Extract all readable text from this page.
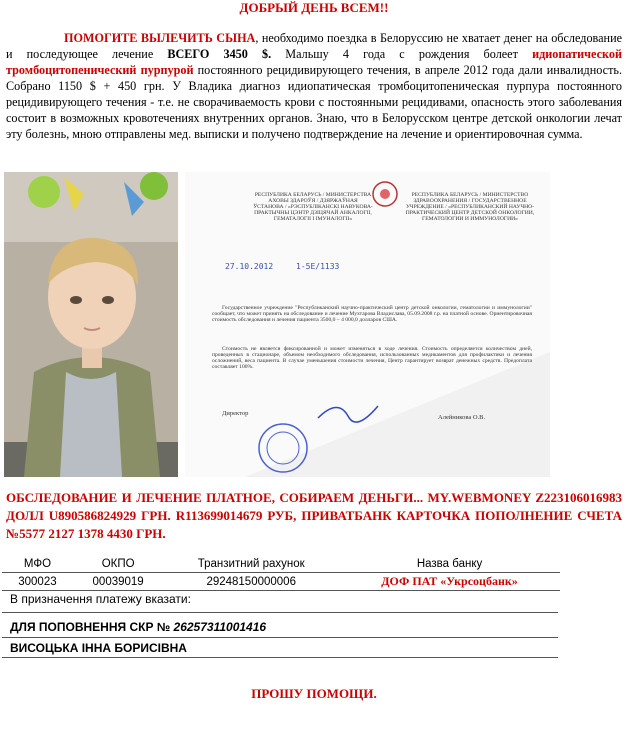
ДОБРЫЙ ДЕНЬ ВСЕМ!!
ПОМОГИТЕ ВЫЛЕЧИТЬ СЫНА, необходимо поездка в Белоруссию не хватает денег на обследование и последующее лечение ВСЕГО 3450 $. Мальшу 4 года с рождения болеет идиопатической тромбоцитопенический пурпурой постоянного рецидивирующего течения, в апреле 2012 года дали инвалидность. Собрано 1150 $ + 450 грн. У Владика диагноз идиопатическая тромбоцитопеническая пурпура постоянного рецидивирующего течения - т.е. не сворачиваемость крови с постоянными рецидивами, опасность этого заболевания состоит в возможных кровотечениях внутренних органов. Знаю, что в Белорусском центре детской онкологии лечат эту болезнь, мною отправлены мед. выписки и получено подтверждение на лечение и ориентировочная сумма.
РЕСПУБЛИКА БЕЛАРУСЬ / МИНИСТЕРСТВА АХОВЫ ЗДАРОЎЯ / ДЗЯРЖАЎНАЯ ЎСТАНОВА / «РЭСПУБЛІКАНСКІ НАВУКОВА-ПРАКТЫЧНЫ ЦЭНТР ДЗІЦЯЧАЙ АНКАЛОГІІ, ГЕМАТАЛОГІІ І ІМУНАЛОГІІ»
РЕСПУБЛИКА БЕЛАРУСЬ / МИНИСТЕРСТВО ЗДРАВООХРАНЕНИЯ / ГОСУДАРСТВЕННОЕ УЧРЕЖДЕНИЕ / «РЕСПУБЛИКАНСКИЙ НАУЧНО-ПРАКТИЧЕСКИЙ ЦЕНТР ДЕТСКОЙ ОНКОЛОГИИ, ГЕМАТОЛОГИИ И ИММУНОЛОГИИ»
27.10.2012	1-5Е/1133
Государственное учреждение "Республиканский научно-практический центр детской онкологии, гематологии и иммунологии" сообщает, что может принять на обследование и лечение Мухтарова Владислава, 05.09.2008 г.р. на платной основе. Ориентировочная стоимость обследования и лечения пациента 3500,0 – 4 000,0 долларов США.
Стоимость не является фиксированной и может изменяться в ходе лечения. Стоимость определяется количеством дней, проведенных в стационаре, объемом необходимого обследования, использованных медикаментов для профилактики и лечения осложнений, веса пациента. В случае уменьшения стоимости лечения, Центр гарантирует возврат денежных средств. Предоплата составляет 100%.
Директор
Алейникова О.В.
ОБСЛЕДОВАНИЕ И ЛЕЧЕНИЕ ПЛАТНОЕ, СОБИРАЕМ ДЕНЬГИ... MY.WEBMONEY Z223106016983 ДОЛЛ U890586824929 ГРН. R113699014679 РУБ, ПРИВАТБАНК КАРТОЧКА ПОПОЛНЕНИЕ СЧЕТА №5577 2127 1378 4430 ГРН.
МФО	ОКПО	Транзитний рахунок	Назва банку
300023	00039019	29248150000006	ДОФ ПАТ «Укрсоцбанк»
В призначення платежу вказати:
ДЛЯ ПОПОВНЕННЯ СКР № 26257311001416
ВИСОЦЬКА ІННА БОРИСІВНА
ПРОШУ ПОМОЩИ.
